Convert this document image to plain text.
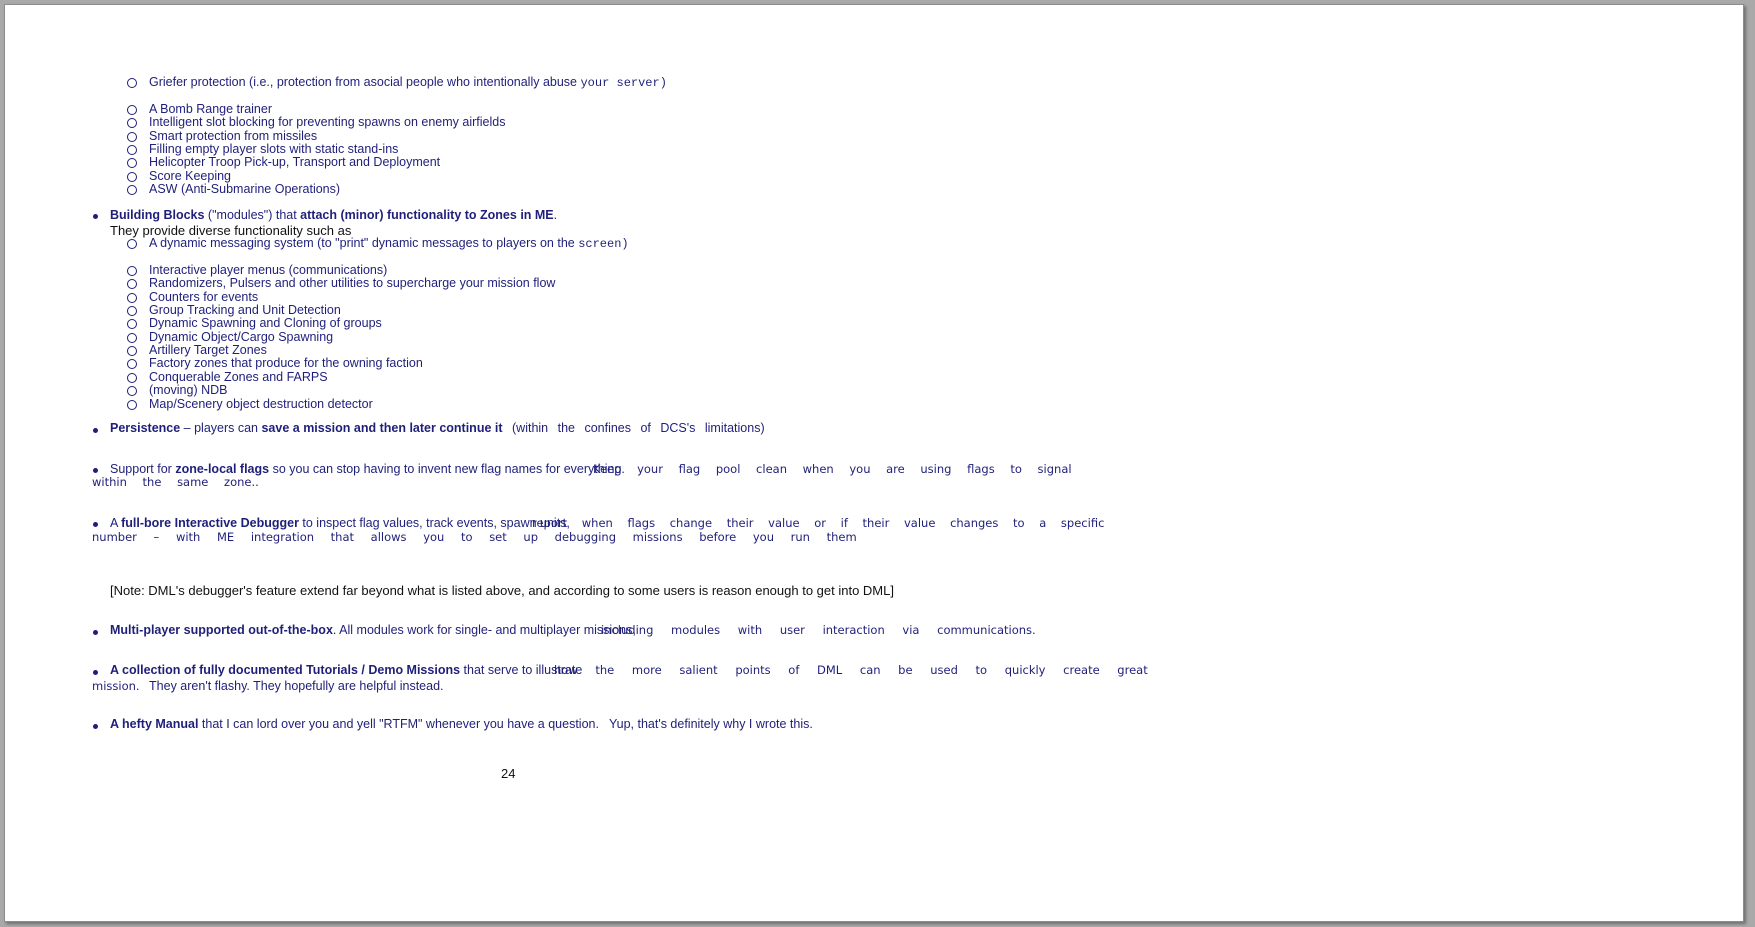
Griefer protection (i.e., protection from asocial people who intentionally abuse your server)
A Bomb Range trainer
Intelligent slot blocking for preventing spawns on enemy airfields
Smart protection from missiles
Filling empty player slots with static stand-ins
Helicopter Troop Pick-up, Transport and Deployment
Score Keeping
ASW (Anti-Submarine Operations)
Building Blocks ("modules") that attach (minor) functionality to Zones in ME.
They provide diverse functionality such as
A dynamic messaging system (to "print" dynamic messages to players on the screen)
Interactive player menus (communications)
Randomizers, Pulsers and other utilities to supercharge your mission flow
Counters for events
Group Tracking and Unit Detection
Dynamic Spawning and Cloning of groups
Dynamic Object/Cargo Spawning
Artillery Target Zones
Factory zones that produce for the owning faction
Conquerable Zones and FARPS
(moving) NDB
Map/Scenery object destruction detector
Persistence – players can save a mission and then later continue it (within the confines of DCS's limitations)
Support for zone-local flags so you can stop having to invent new flag names for everything.
Keep your flag pool clean when you are using flags to signal
within the same zone..
A full-bore Interactive Debugger to inspect flag values, track events, spawn units,
report when flags change their value or if their value changes to a specific
number – with ME integration that allows you to set up debugging missions before you run them
[Note: DML's debugger's feature extend far beyond what is listed above, and according to some users is reason enough to get into DML]
Multi-player supported out-of-the-box. All modules work for single- and multiplayer missions,
including modules with user interaction via communications.
A collection of fully documented Tutorials / Demo Missions that serve to illustrate
how the more salient points of DML can be used to quickly create great
mission. They aren't flashy. They hopefully are helpful instead.
A hefty Manual that I can lord over you and yell "RTFM" whenever you have a question. Yup, that's definitely why I wrote this.
24
